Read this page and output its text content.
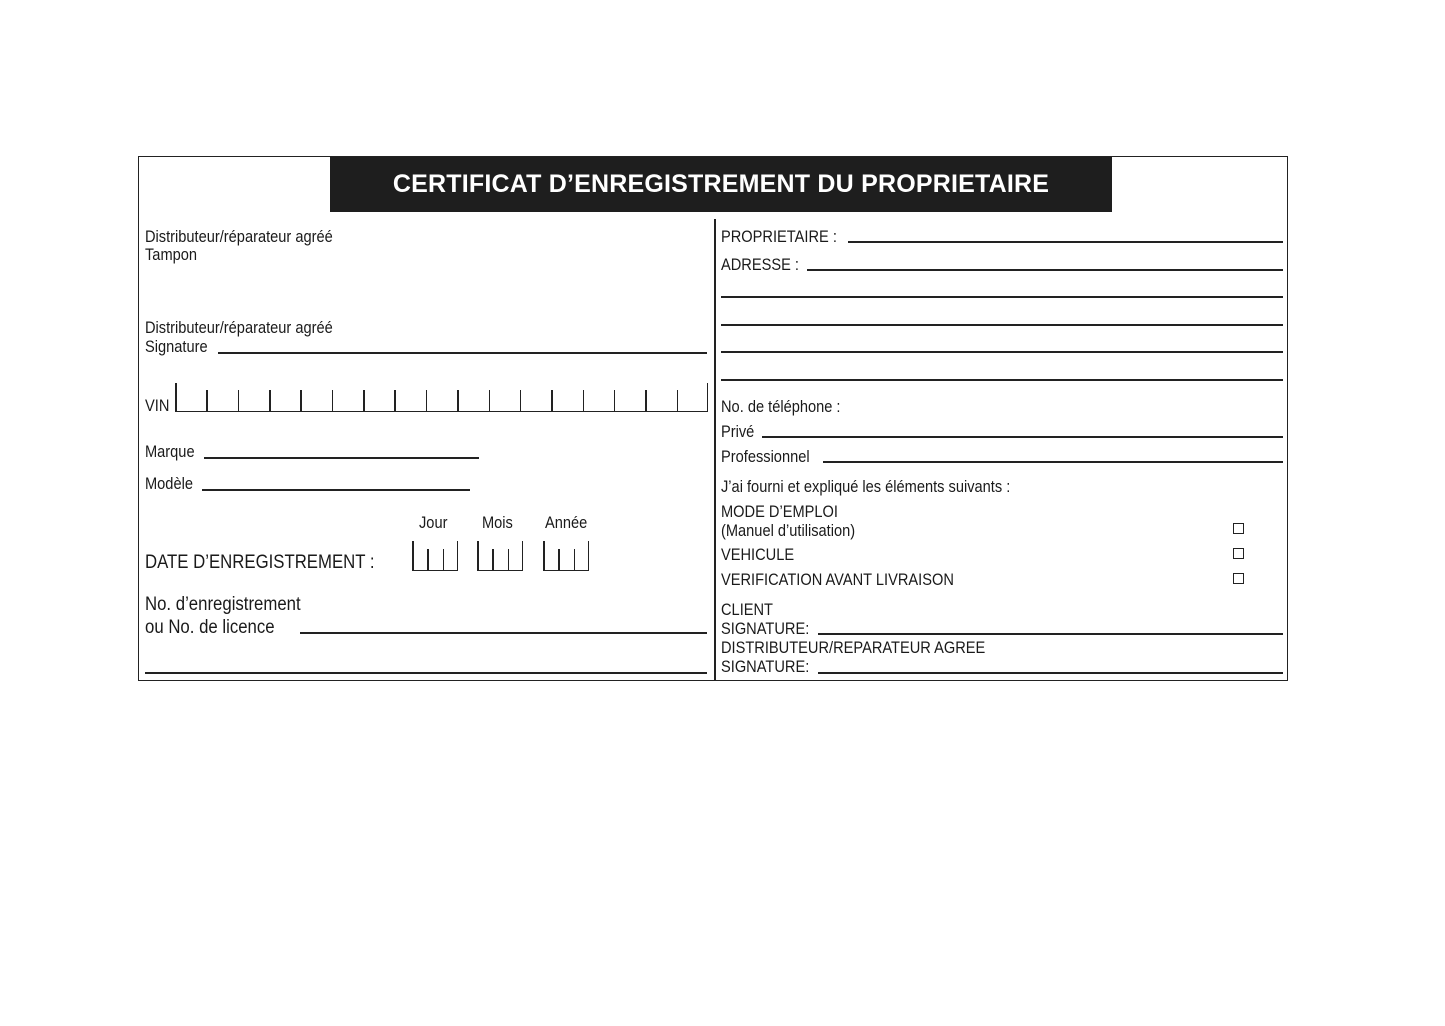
CERTIFICAT D’ENREGISTREMENT DU PROPRIETAIRE
Distributeur/réparateur agréé
Tampon
Distributeur/réparateur agréé
Signature
VIN
Marque
Modèle
Jour Mois Année
DATE D’ENREGISTREMENT :
No. d’enregistrement
ou No. de licence
PROPRIETAIRE :
ADRESSE :
No. de téléphone :
Privé
Professionnel
J’ai fourni et expliqué les éléments suivants :
MODE D’EMPLOI
(Manuel d’utilisation)
VEHICULE
VERIFICATION AVANT LIVRAISON
CLIENT
SIGNATURE:
DISTRIBUTEUR/REPARATEUR AGREE
SIGNATURE:
